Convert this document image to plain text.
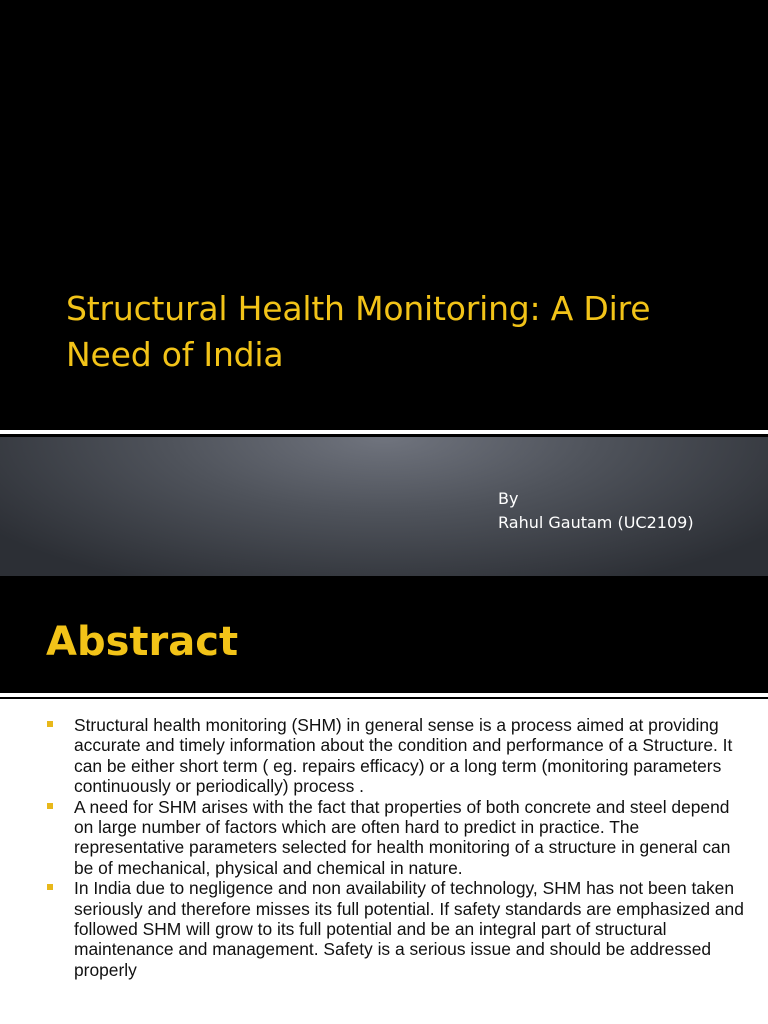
Structural Health Monitoring: A Dire Need of India
By
Rahul Gautam (UC2109)
Abstract
Structural health monitoring (SHM) in general sense is a process aimed at providing accurate and timely information about the condition and performance of a Structure. It can be either short term ( eg. repairs efficacy) or a long term (monitoring parameters continuously or periodically) process .
A need for SHM arises with the fact that properties of both concrete and steel depend on large number of factors which are often hard to predict in practice. The representative parameters selected for health monitoring of a structure in general can be of mechanical, physical and chemical in nature.
In India due to negligence and non availability of technology, SHM has not been taken seriously and therefore misses its full potential. If safety standards are emphasized and followed SHM will grow to its full potential and be an integral part of structural maintenance and management. Safety is a serious issue and should be addressed properly
